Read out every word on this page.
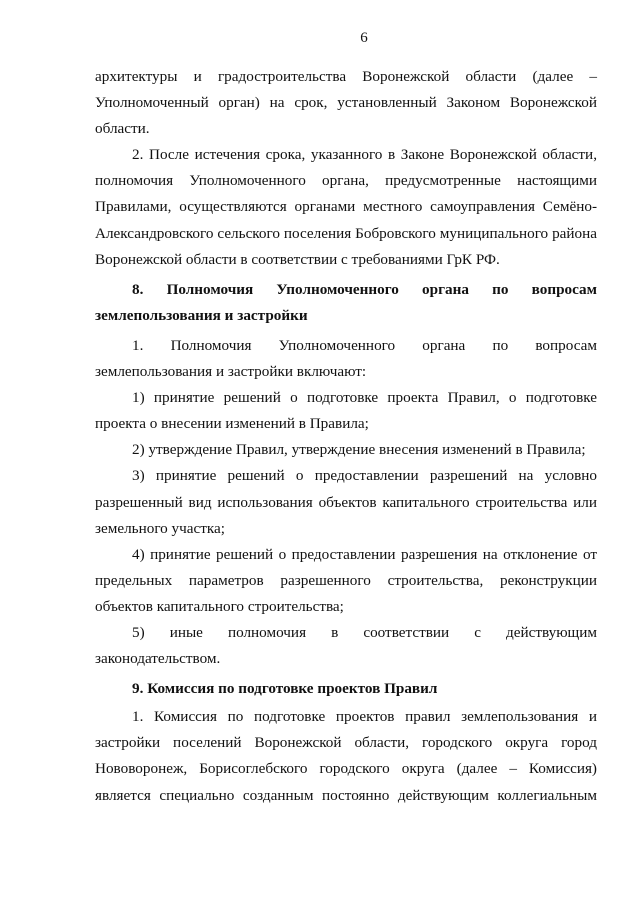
6

архитектуры и градостроительства Воронежской области (далее – Уполномоченный орган) на срок, установленный Законом Воронежской области.

2. После истечения срока, указанного в Законе Воронежской области, полномочия Уполномоченного органа, предусмотренные настоящими Правилами, осуществляются органами местного самоуправления Семёно-Александровского сельского поселения Бобровского муниципального района Воронежской области в соответствии с требованиями ГрК РФ.

8. Полномочия Уполномоченного органа по вопросам землепользования и застройки

1. Полномочия Уполномоченного органа по вопросам землепользования и застройки включают:

1) принятие решений о подготовке проекта Правил, о подготовке проекта о внесении изменений в Правила;

2) утверждение Правил, утверждение внесения изменений в Правила;

3) принятие решений о предоставлении разрешений на условно разрешенный вид использования объектов капитального строительства или земельного участка;

4) принятие решений о предоставлении разрешения на отклонение от предельных параметров разрешенного строительства, реконструкции объектов капитального строительства;

5) иные полномочия в соответствии с действующим законодательством.

9. Комиссия по подготовке проектов Правил

1. Комиссия по подготовке проектов правил землепользования и застройки поселений Воронежской области, городского округа город Нововоронеж, Борисоглебского городского округа (далее – Комиссия) является специально созданным постоянно действующим коллегиальным
